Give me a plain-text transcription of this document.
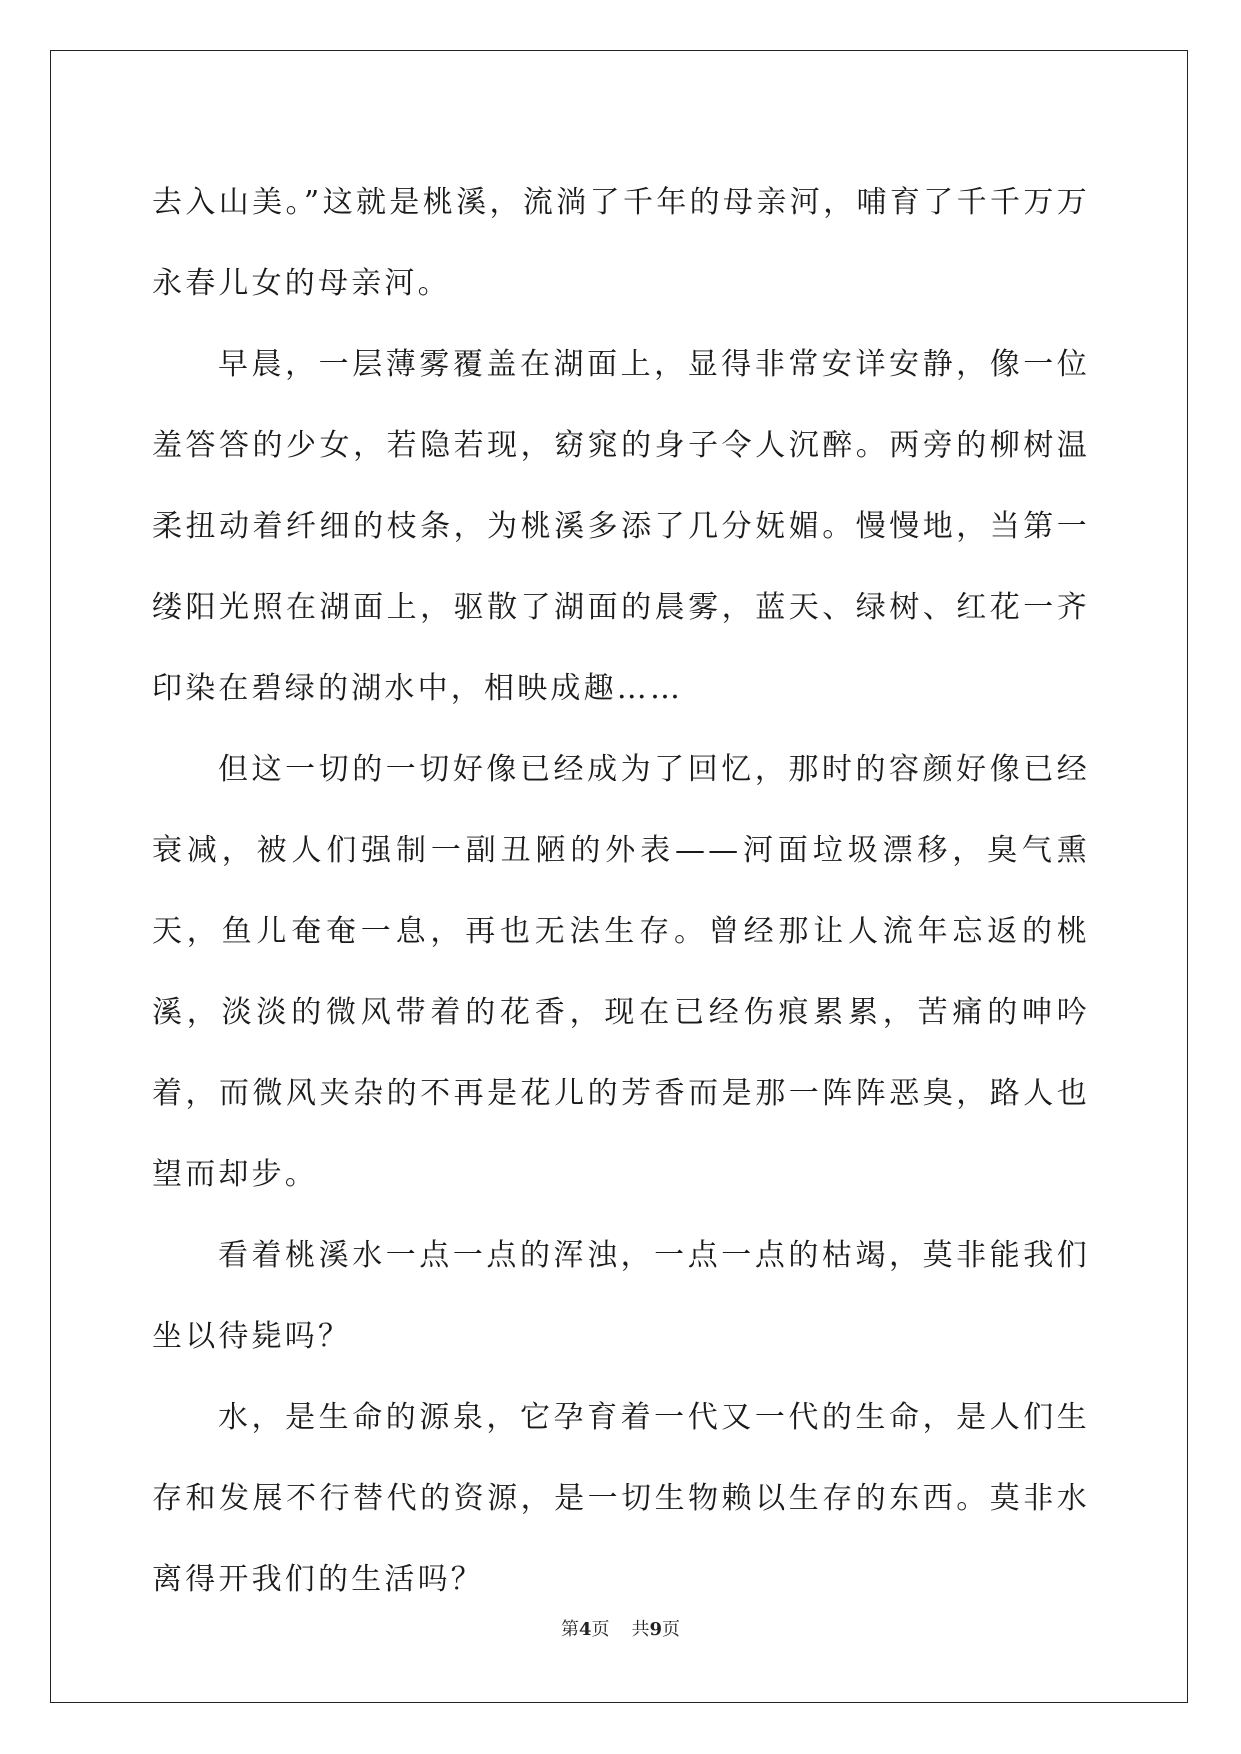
去入山美。”这就是桃溪，流淌了千年的母亲河，哺育了千千万万永春儿女的母亲河。

早晨，一层薄雾覆盖在湖面上，显得非常安详安静，像一位羞答答的少女，若隐若现，窈窕的身子令人沉醉。两旁的柳树温柔扭动着纤细的枝条，为桃溪多添了几分妩媚。慢慢地，当第一缕阳光照在湖面上，驱散了湖面的晨雾，蓝天、绿树、红花一齐印染在碧绿的湖水中，相映成趣……

但这一切的一切好像已经成为了回忆，那时的容颜好像已经衰减，被人们强制一副丑陋的外表——河面垃圾漂移，臭气熏天，鱼儿奄奄一息，再也无法生存。曾经那让人流年忘返的桃溪，淡淡的微风带着的花香，现在已经伤痕累累，苦痛的呻吟着，而微风夹杂的不再是花儿的芳香而是那一阵阵恶臭，路人也望而却步。

看着桃溪水一点一点的浑浊，一点一点的枯竭，莫非能我们坐以待毙吗？

水，是生命的源泉，它孕育着一代又一代的生命，是人们生存和发展不行替代的资源，是一切生物赖以生存的东西。莫非水离得开我们的生活吗？

第4页 共9页
